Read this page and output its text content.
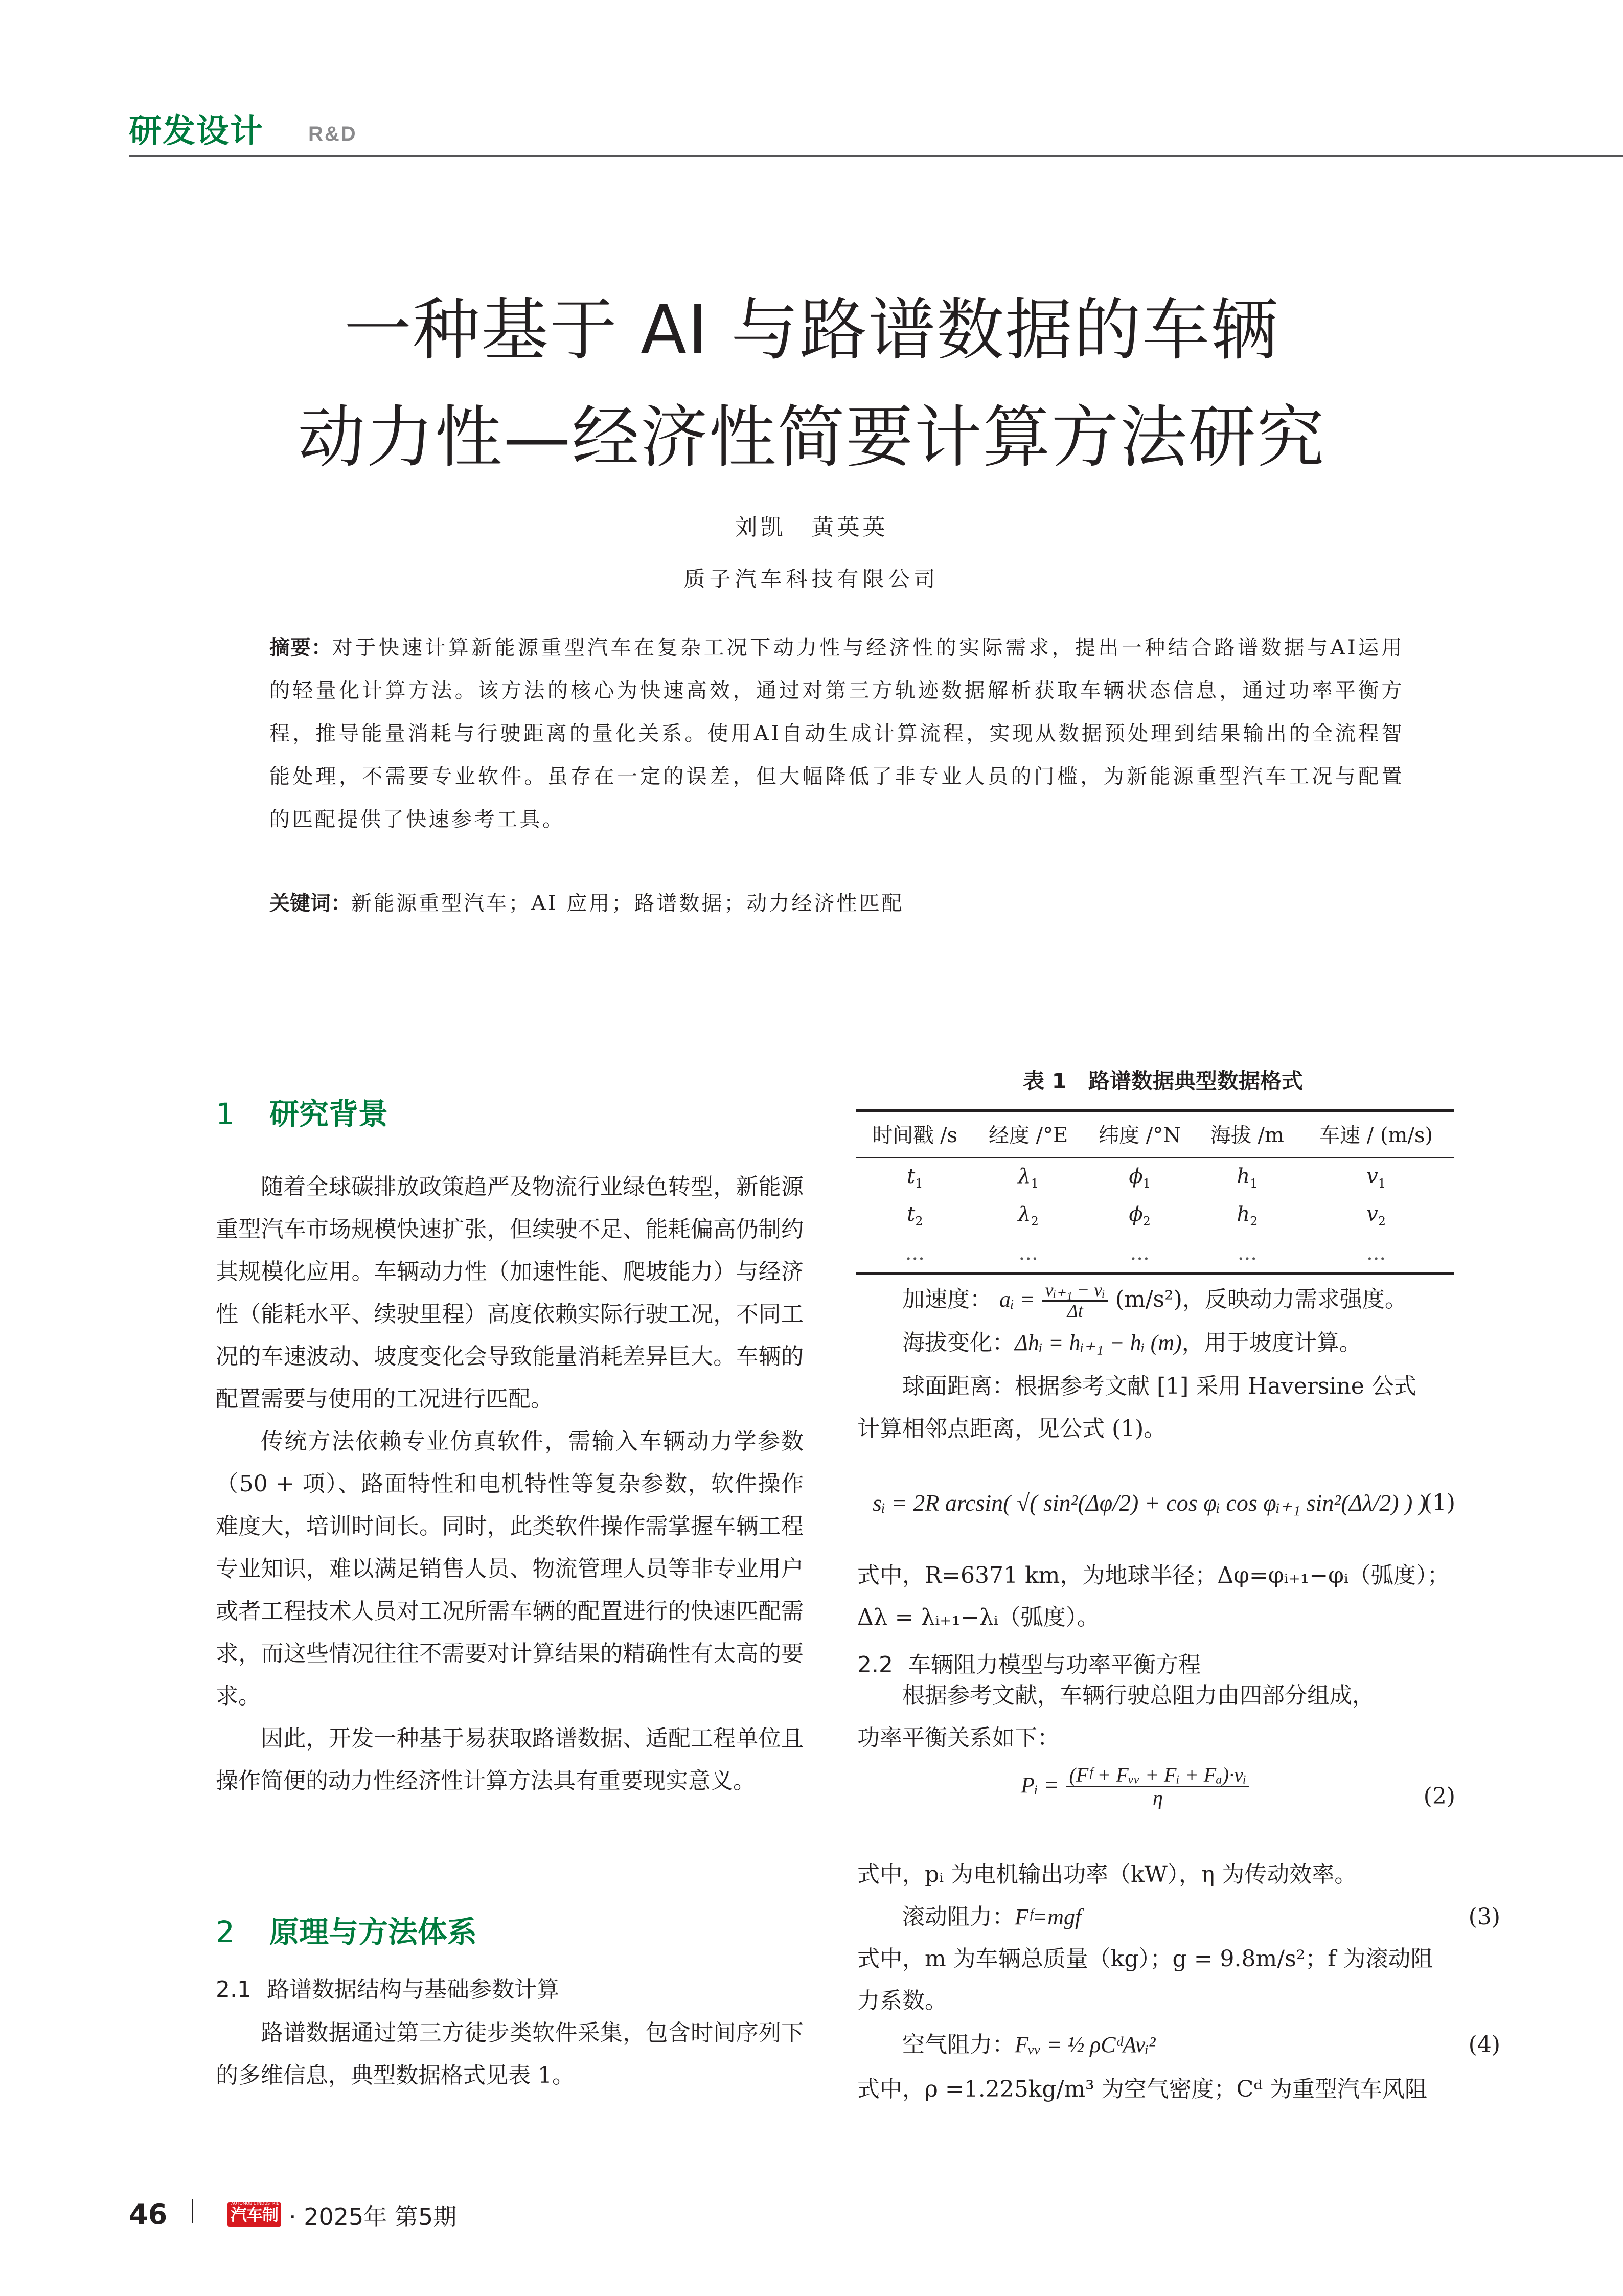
研发设计 R&D
一种基于 AI 与路谱数据的车辆
动力性—经济性简要计算方法研究
刘凯　黄英英
质子汽车科技有限公司
摘要：对于快速计算新能源重型汽车在复杂工况下动力性与经济性的实际需求，提出一种结合路谱数据与AI运用的轻量化计算方法。该方法的核心为快速高效，通过对第三方轨迹数据解析获取车辆状态信息，通过功率平衡方程，推导能量消耗与行驶距离的量化关系。使用AI自动生成计算流程，实现从数据预处理到结果输出的全流程智能处理，不需要专业软件。虽存在一定的误差，但大幅降低了非专业人员的门槛，为新能源重型汽车工况与配置的匹配提供了快速参考工具。
关键词：新能源重型汽车；AI 应用；路谱数据；动力经济性匹配
1 研究背景

随着全球碳排放政策趋严及物流行业绿色转型，新能源重型汽车市场规模快速扩张，但续驶不足、能耗偏高仍制约其规模化应用。车辆动力性（加速性能、爬坡能力）与经济性（能耗水平、续驶里程）高度依赖实际行驶工况，不同工况的车速波动、坡度变化会导致能量消耗差异巨大。车辆的配置需要与使用的工况进行匹配。

传统方法依赖专业仿真软件，需输入车辆动力学参数（50 + 项）、路面特性和电机特性等复杂参数，软件操作难度大，培训时间长。同时，此类软件操作需掌握车辆工程专业知识，难以满足销售人员、物流管理人员等非专业用户或者工程技术人员对工况所需车辆的配置进行的快速匹配需求，而这些情况往往不需要对计算结果的精确性有太高的要求。

因此，开发一种基于易获取路谱数据、适配工程单位且操作简便的动力性经济性计算方法具有重要现实意义。

2 原理与方法体系
2.1 路谱数据结构与基础参数计算

路谱数据通过第三方徒步类软件采集，包含时间序列下的多维信息，典型数据格式见表 1。

表 1　路谱数据典型数据格式
时间戳 /s	经度 /°E	纬度 /°N	海拔 /m	车速 / (m/s)
$t_1$	$\lambda_1$	$\phi_1$	$h_1$	$v_1$
$t_2$	$\lambda_2$	$\phi_2$	$h_2$	$v_2$
...	...	...	...	...
加速度： aᵢ = $\frac{\text{vᵢ₊₁ − vᵢ}}{\Delta t} (m/s^2)$，反映动力需求强度。
海拔变化：Δhᵢ = hᵢ₊₁ − hᵢ (m)，用于坡度计算。
球面距离：根据参考文献 [1] 采用 Haversine 公式
计算相邻点距离，见公式 (1)。
sᵢ = 2R arcsin( √( sin²(Δφ/2) + cos φᵢ cos φᵢ₊₁ sin²(Δλ/2) ) )
(1)
式中，R=6371 km，为地球半径；Δφ=φᵢ₊₁−φᵢ（弧度）；
Δλ = λᵢ₊₁−λᵢ（弧度）。
2.2 车辆阻力模型与功率平衡方程
根据参考文献，车辆行驶总阻力由四部分组成，
功率平衡关系如下：
Pᵢ = $\frac{\text{(Fᶠ + Fᵥᵥ + Fᵢ + Fₐ)·vᵢ}}{\eta}$	(2)
式中，pᵢ 为电机输出功率（kW），η 为传动效率。
滚动阻力：Fᶠ=mgf	(3)
式中，m 为车辆总质量（kg）；g = 9.8m/s²；f 为滚动阻
力系数。
空气阻力：Fᵥᵥ = ½ ρCᵈAvᵢ²	(4)
式中，ρ =1.225kg/m³ 为空气密度；Cᵈ 为重型汽车风阻
46	AUTOMOBIL INDUSTRIE
汽车制造业
· 2025年 第5期
